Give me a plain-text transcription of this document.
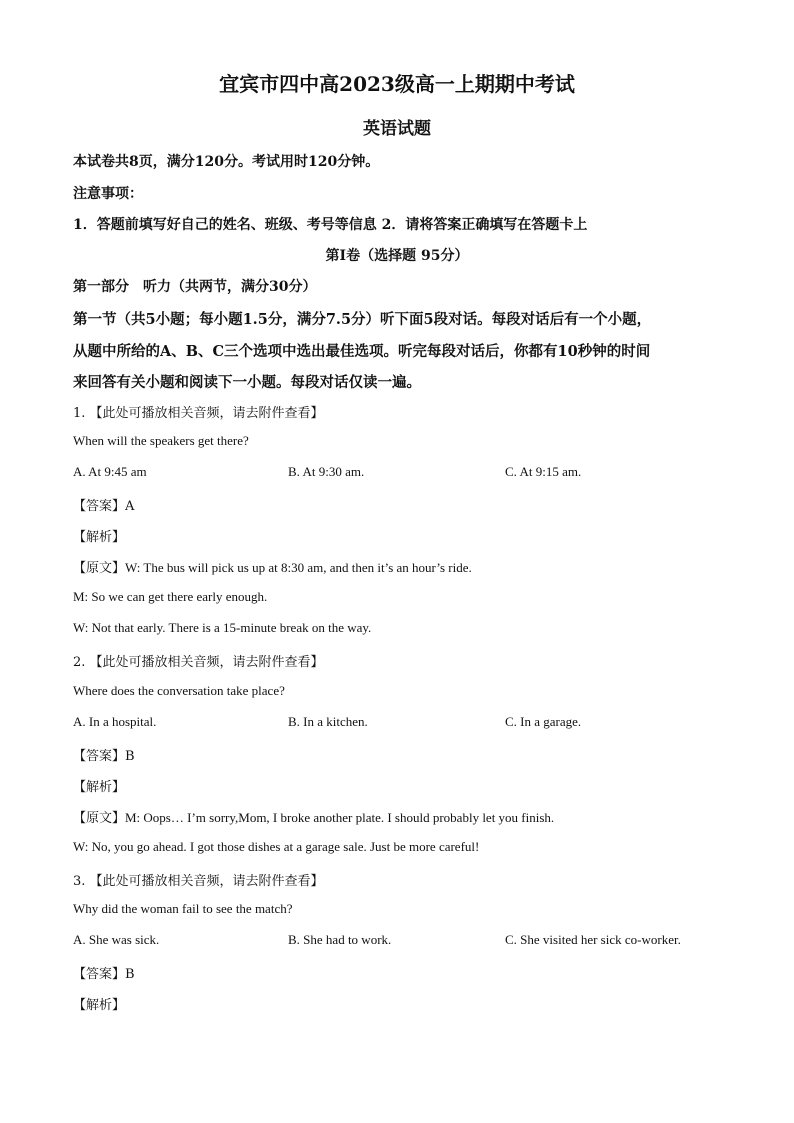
宜宾市四中高2023级高一上期期中考试
英语试题
本试卷共8页，满分120分。考试用时120分钟。
注意事项：
1．答题前填写好自己的姓名、班级、考号等信息 2．请将答案正确填写在答题卡上
第I卷（选择题 95分）
第一部分　听力（共两节，满分30分）
第一节（共5小题；每小题1.5分，满分7.5分）听下面5段对话。每段对话后有一个小题，
从题中所给的A、B、C三个选项中选出最佳选项。听完每段对话后，你都有10秒钟的时间
来回答有关小题和阅读下一小题。每段对话仅读一遍。
1. 【此处可播放相关音频，请去附件查看】
When will the speakers get there?
A. At 9:45 am	B. At 9:30 am.	C. At 9:15 am.
【答案】A
【解析】
【原文】W: The bus will pick us up at 8:30 am, and then it’s an hour’s ride.
M: So we can get there early enough.
W: Not that early. There is a 15-minute break on the way.
2. 【此处可播放相关音频，请去附件查看】
Where does the conversation take place?
A. In a hospital.	B. In a kitchen.	C. In a garage.
【答案】B
【解析】
【原文】M: Oops… I’m sorry,Mom, I broke another plate. I should probably let you finish.
W: No, you go ahead. I got those dishes at a garage sale. Just be more careful!
3. 【此处可播放相关音频，请去附件查看】
Why did the woman fail to see the match?
A. She was sick.	B. She had to work.	C. She visited her sick co-worker.
【答案】B
【解析】
